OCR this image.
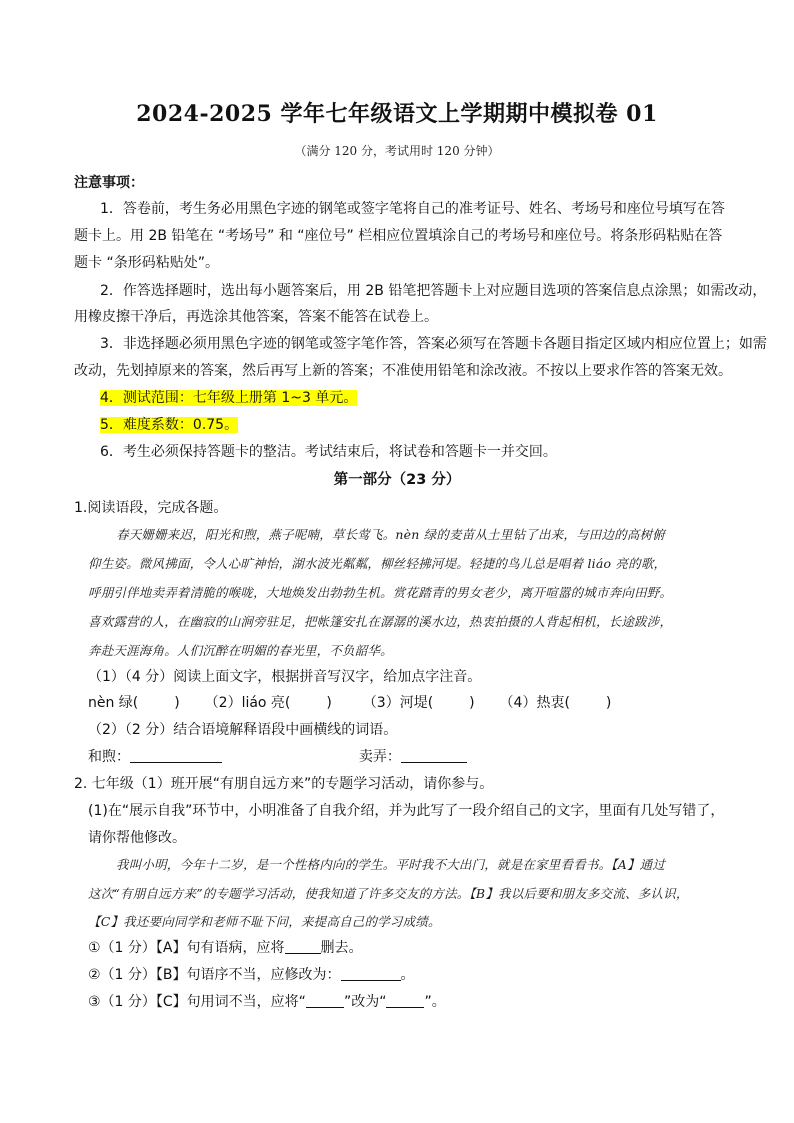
2024-2025 学年七年级语文上学期期中模拟卷 01
（满分 120 分，考试用时 120 分钟）
注意事项：
1．答卷前，考生务必用黑色字迹的钢笔或签字笔将自己的准考证号、姓名、考场号和座位号填写在答
题卡上。用 2B 铅笔在 “考场号” 和 “座位号” 栏相应位置填涂自己的考场号和座位号。将条形码粘贴在答
题卡 “条形码粘贴处”。
2．作答选择题时，选出每小题答案后，用 2B 铅笔把答题卡上对应题目选项的答案信息点涂黑；如需改动，
用橡皮擦干净后，再选涂其他答案，答案不能答在试卷上。
3．非选择题必须用黑色字迹的钢笔或签字笔作答，答案必须写在答题卡各题目指定区域内相应位置上；如需
改动，先划掉原来的答案，然后再写上新的答案；不准使用铅笔和涂改液。不按以上要求作答的答案无效。
4．测试范围：七年级上册第 1~3 单元。
5．难度系数：0.75。
6．考生必须保持答题卡的整洁。考试结束后，将试卷和答题卡一并交回。
第一部分（23 分）
1.阅读语段，完成各题。
春天姗姗来迟，阳光和煦，燕子呢喃，草长莺飞。nèn 绿的麦苗从土里钻了出来，与田边的高树俯
仰生姿。微风拂面，令人心旷神怡，湖水波光粼粼，柳丝轻拂河堤。轻捷的鸟儿总是唱着 liáo 亮的歌，
呼朋引伴地卖弄着清脆的喉咙，大地焕发出勃勃生机。赏花踏青的男女老少，离开喧嚣的城市奔向田野。
喜欢露营的人，在幽寂的山涧旁驻足，把帐篷安扎在潺潺的溪水边，热衷拍摄的人背起相机，长途跋涉，
奔赴天涯海角。人们沉醉在明媚的春光里，不负韶华。
（1）（4 分）阅读上面文字，根据拼音写汉字，给加点字注音。
nèn 绿(	) （2）liáo 亮(	) （3）河堤(	) （4）热衷(	)
（2）（2 分）结合语境解释语段中画横线的词语。
和煦：	卖弄：
2. 七年级（1）班开展“有朋自远方来”的专题学习活动，请你参与。
(1)在“展示自我”环节中，小明准备了自我介绍，并为此写了一段介绍自己的文字，里面有几处写错了，
请你帮他修改。
我叫小明，今年十二岁，是一个性格内向的学生。平时我不大出门，就是在家里看看书。【A】通过
这次“有朋自远方来”的专题学习活动，使我知道了许多交友的方法。【B】我以后要和朋友多交流、多认识，
【C】我还要向同学和老师不耻下问，来提高自己的学习成绩。
①（1 分）【A】句有语病，应将	删去。
②（1 分）【B】句语序不当，应修改为：	。
③（1 分）【C】句用词不当，应将“	”改为“	”。
